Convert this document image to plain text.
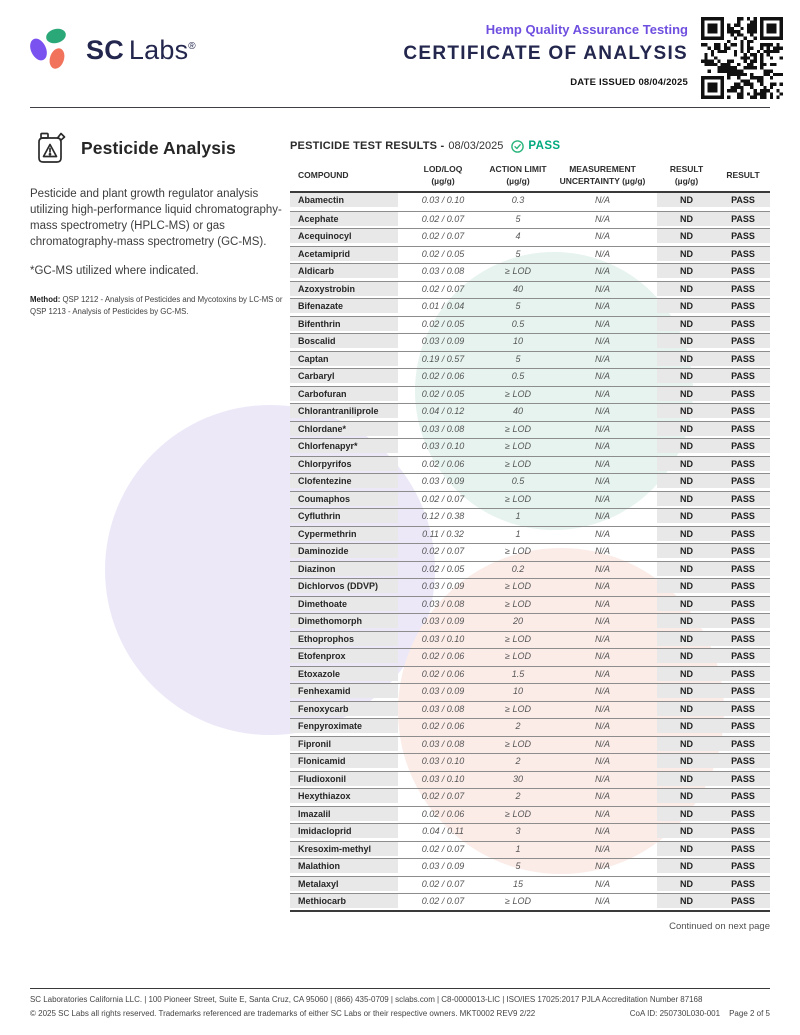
SC Labs®
Hemp Quality Assurance Testing
CERTIFICATE OF ANALYSIS
DATE ISSUED 08/04/2025
Pesticide Analysis

Pesticide and plant growth regulator analysis utilizing high-performance liquid chromatography-mass spectrometry (HPLC-MS) or gas chromatography-mass spectrometry (GC-MS).

*GC-MS utilized where indicated.

Method: QSP 1212 - Analysis of Pesticides and Mycotoxins by LC-MS or QSP 1213 - Analysis of Pesticides by GC-MS.

PESTICIDE TEST RESULTS - 08/03/2025 PASS
COMPOUND
LOD/LOQ
(µg/g)
ACTION LIMIT
(µg/g)
MEASUREMENT
UNCERTAINTY (µg/g)
RESULT
(µg/g)
RESULT
Abamectin	0.03 / 0.10	0.3	N/A	ND	PASS
Acephate	0.02 / 0.07	5	N/A	ND	PASS
Acequinocyl	0.02 / 0.07	4	N/A	ND	PASS
Acetamiprid	0.02 / 0.05	5	N/A	ND	PASS
Aldicarb	0.03 / 0.08	≥ LOD	N/A	ND	PASS
Azoxystrobin	0.02 / 0.07	40	N/A	ND	PASS
Bifenazate	0.01 / 0.04	5	N/A	ND	PASS
Bifenthrin	0.02 / 0.05	0.5	N/A	ND	PASS
Boscalid	0.03 / 0.09	10	N/A	ND	PASS
Captan	0.19 / 0.57	5	N/A	ND	PASS
Carbaryl	0.02 / 0.06	0.5	N/A	ND	PASS
Carbofuran	0.02 / 0.05	≥ LOD	N/A	ND	PASS
Chlorantraniliprole	0.04 / 0.12	40	N/A	ND	PASS
Chlordane*	0.03 / 0.08	≥ LOD	N/A	ND	PASS
Chlorfenapyr*	0.03 / 0.10	≥ LOD	N/A	ND	PASS
Chlorpyrifos	0.02 / 0.06	≥ LOD	N/A	ND	PASS
Clofentezine	0.03 / 0.09	0.5	N/A	ND	PASS
Coumaphos	0.02 / 0.07	≥ LOD	N/A	ND	PASS
Cyfluthrin	0.12 / 0.38	1	N/A	ND	PASS
Cypermethrin	0.11 / 0.32	1	N/A	ND	PASS
Daminozide	0.02 / 0.07	≥ LOD	N/A	ND	PASS
Diazinon	0.02 / 0.05	0.2	N/A	ND	PASS
Dichlorvos (DDVP)	0.03 / 0.09	≥ LOD	N/A	ND	PASS
Dimethoate	0.03 / 0.08	≥ LOD	N/A	ND	PASS
Dimethomorph	0.03 / 0.09	20	N/A	ND	PASS
Ethoprophos	0.03 / 0.10	≥ LOD	N/A	ND	PASS
Etofenprox	0.02 / 0.06	≥ LOD	N/A	ND	PASS
Etoxazole	0.02 / 0.06	1.5	N/A	ND	PASS
Fenhexamid	0.03 / 0.09	10	N/A	ND	PASS
Fenoxycarb	0.03 / 0.08	≥ LOD	N/A	ND	PASS
Fenpyroximate	0.02 / 0.06	2	N/A	ND	PASS
Fipronil	0.03 / 0.08	≥ LOD	N/A	ND	PASS
Flonicamid	0.03 / 0.10	2	N/A	ND	PASS
Fludioxonil	0.03 / 0.10	30	N/A	ND	PASS
Hexythiazox	0.02 / 0.07	2	N/A	ND	PASS
Imazalil	0.02 / 0.06	≥ LOD	N/A	ND	PASS
Imidacloprid	0.04 / 0.11	3	N/A	ND	PASS
Kresoxim-methyl	0.02 / 0.07	1	N/A	ND	PASS
Malathion	0.03 / 0.09	5	N/A	ND	PASS
Metalaxyl	0.02 / 0.07	15	N/A	ND	PASS
Methiocarb	0.02 / 0.07	≥ LOD	N/A	ND	PASS
Continued on next page
SC Laboratories California LLC. | 100 Pioneer Street, Suite E, Santa Cruz, CA 95060 | (866) 435-0709 | sclabs.com | C8-0000013-LIC | ISO/IES 17025:2017 PJLA Accreditation Number 87168
© 2025 SC Labs all rights reserved. Trademarks referenced are trademarks of either SC Labs or their respective owners. MKT0002 REV9 2/22	CoA ID: 250730L030-001 Page 2 of 5
